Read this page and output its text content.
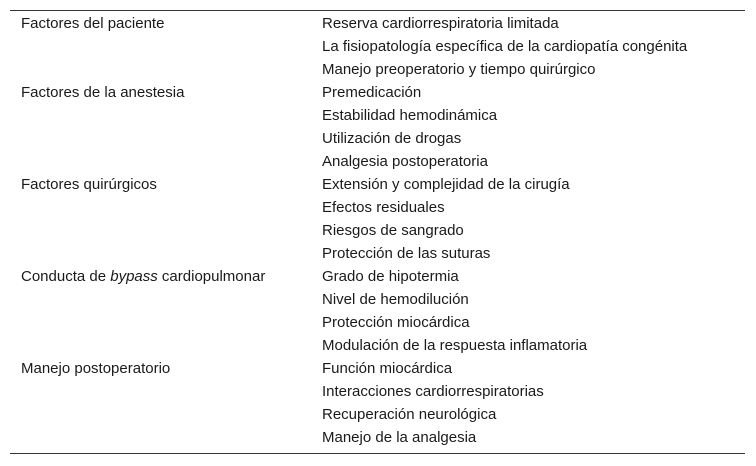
Factores del paciente	Reserva cardiorrespiratoria limitada
	La fisiopatología específica de la cardiopatía congénita
	Manejo preoperatorio y tiempo quirúrgico
Factores de la anestesia	Premedicación
	Estabilidad hemodinámica
	Utilización de drogas
	Analgesia postoperatoria
Factores quirúrgicos	Extensión y complejidad de la cirugía
	Efectos residuales
	Riesgos de sangrado
	Protección de las suturas
Conducta de bypass cardiopulmonar	Grado de hipotermia
	Nivel de hemodilución
	Protección miocárdica
	Modulación de la respuesta inflamatoria
Manejo postoperatorio	Función miocárdica
	Interacciones cardiorrespiratorias
	Recuperación neurológica
	Manejo de la analgesia
